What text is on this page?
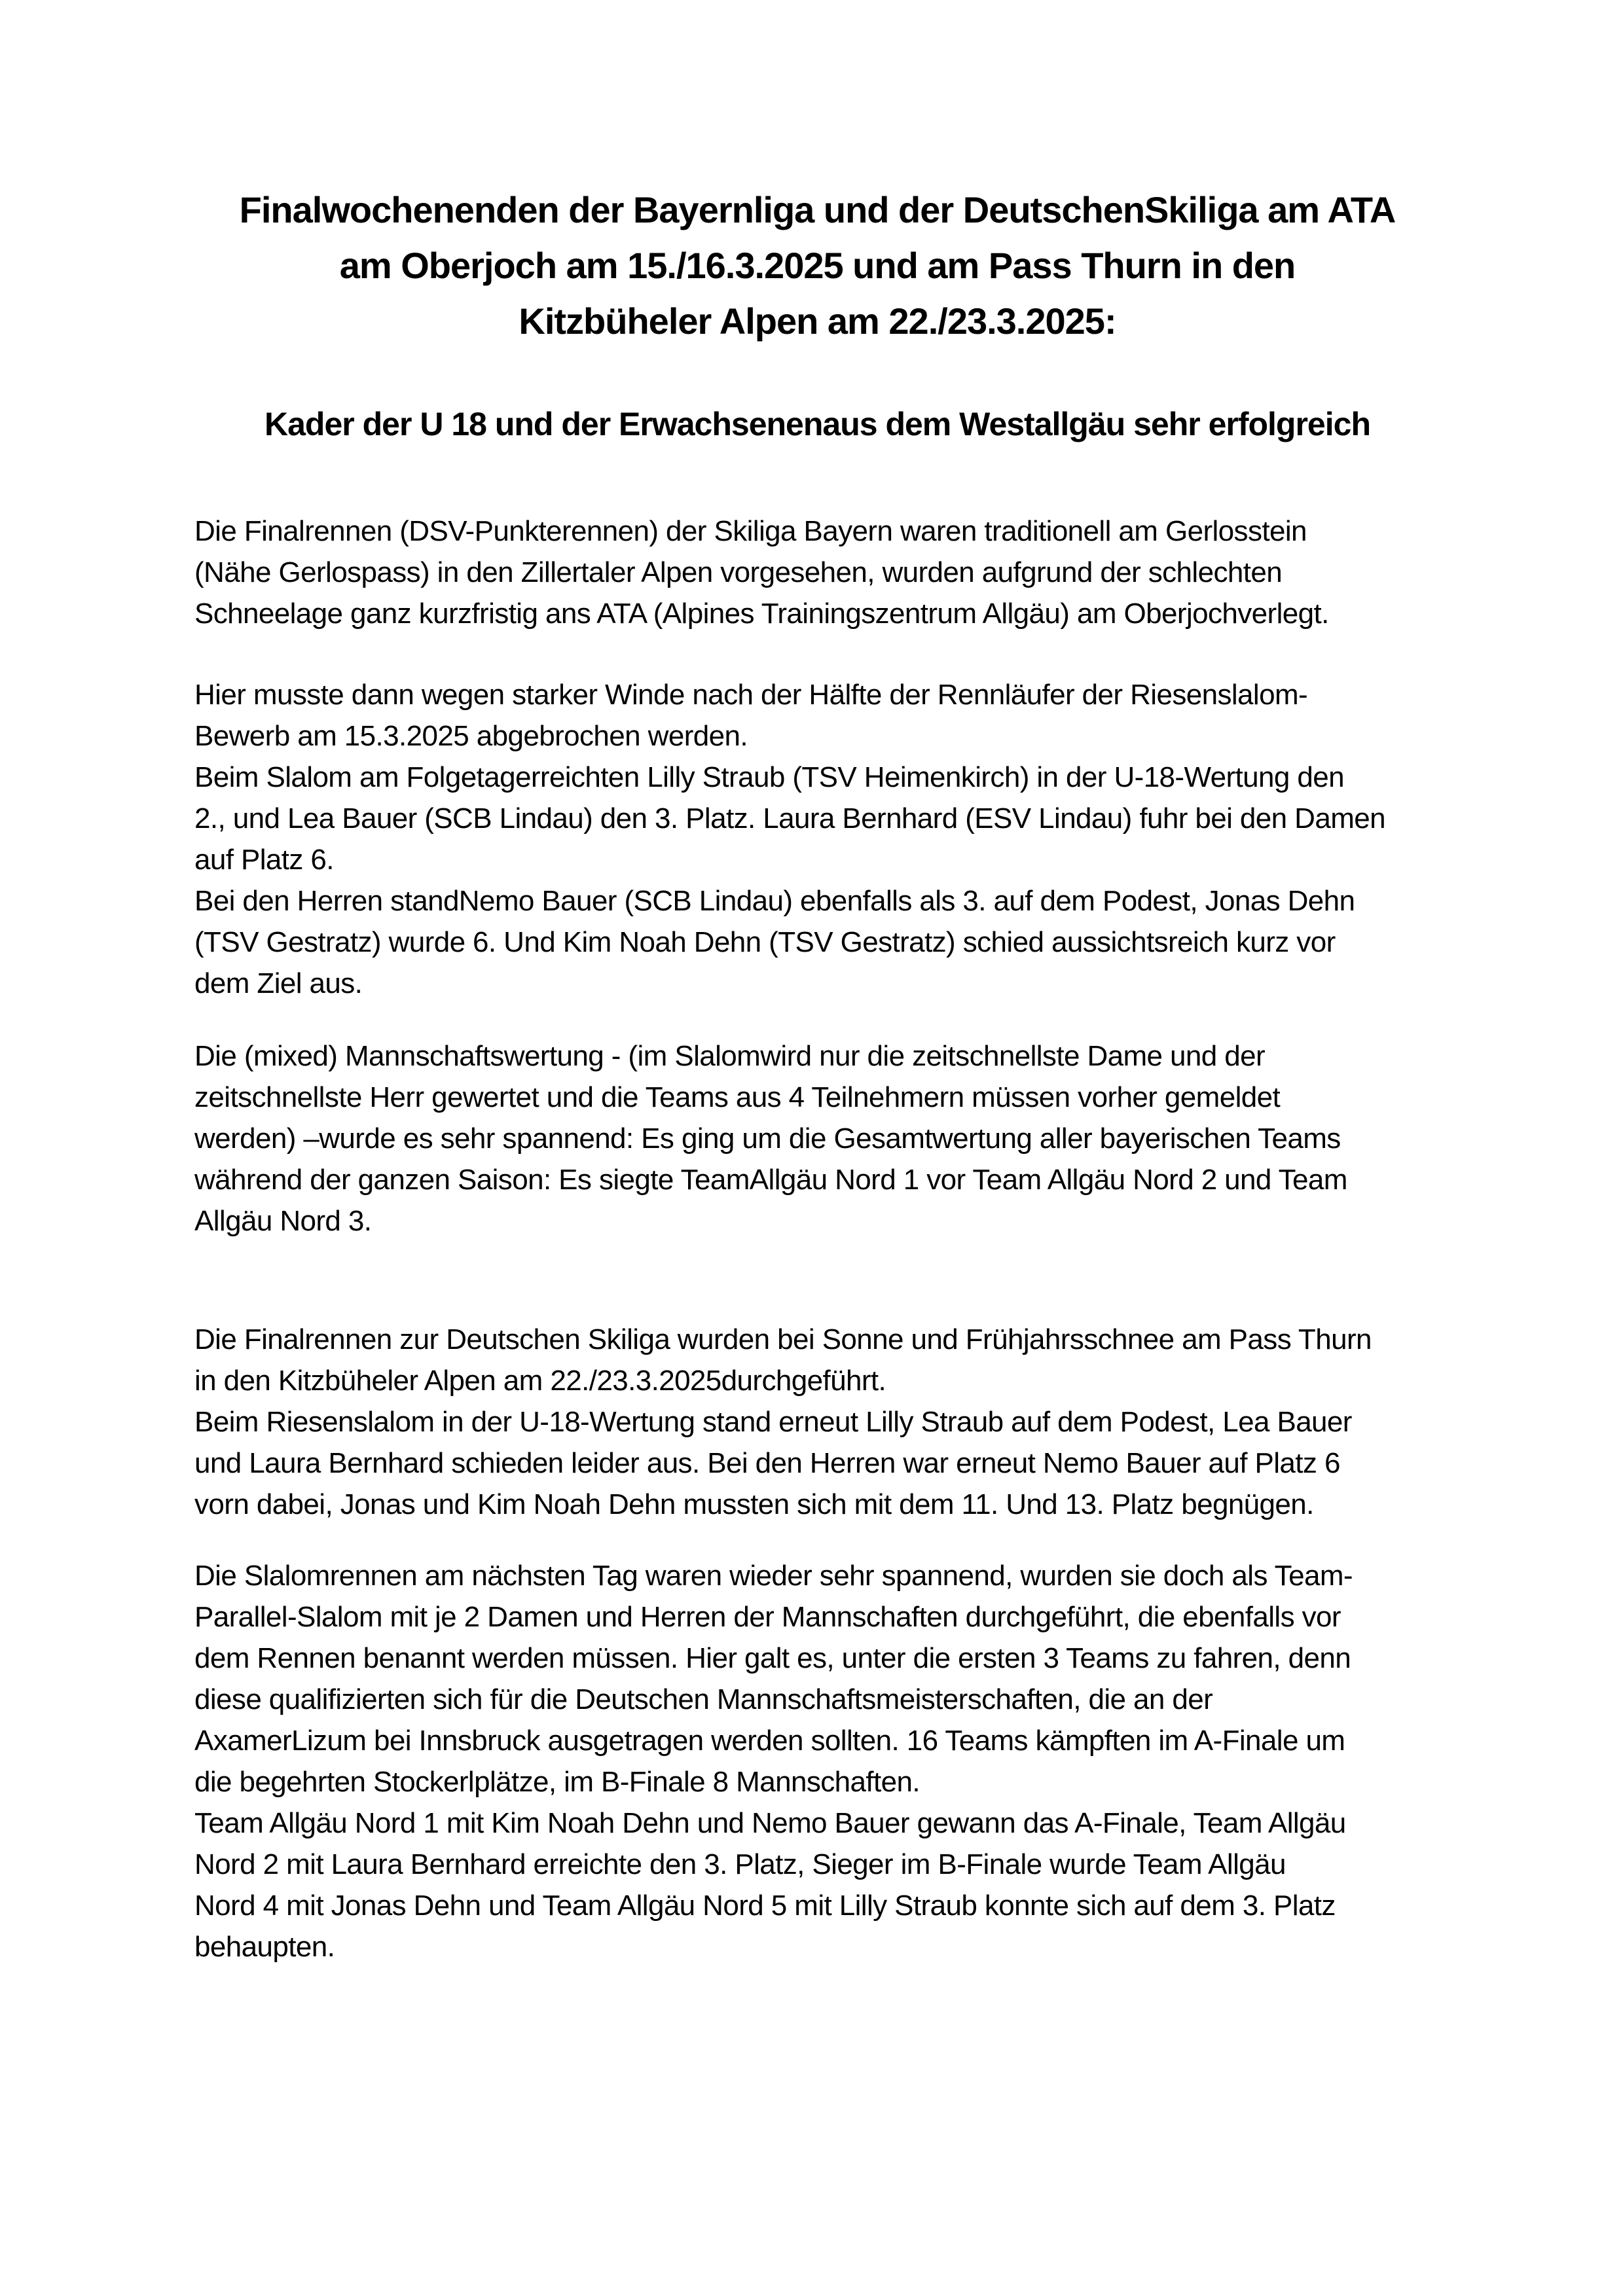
Finalwochenenden der Bayernliga und der DeutschenSkiliga am ATA
am Oberjoch am 15./16.3.2025 und am Pass Thurn in den
Kitzbüheler Alpen am 22./23.3.2025:
Kader der U 18 und der Erwachsenenaus dem Westallgäu sehr erfolgreich
Die Finalrennen (DSV-Punkterennen) der Skiliga Bayern waren traditionell am Gerlosstein
(Nähe Gerlospass) in den Zillertaler Alpen vorgesehen, wurden aufgrund der schlechten
Schneelage ganz kurzfristig ans ATA (Alpines Trainingszentrum Allgäu) am Oberjochverlegt.
Hier musste dann wegen starker Winde nach der Hälfte der Rennläufer der Riesenslalom-
Bewerb am 15.3.2025 abgebrochen werden.
Beim Slalom am Folgetagerreichten Lilly Straub (TSV Heimenkirch) in der U-18-Wertung den
2., und Lea Bauer (SCB Lindau) den 3. Platz. Laura Bernhard (ESV Lindau) fuhr bei den Damen
auf Platz 6.
Bei den Herren standNemo Bauer (SCB Lindau) ebenfalls als 3. auf dem Podest, Jonas Dehn
(TSV Gestratz) wurde 6. Und Kim Noah Dehn (TSV Gestratz) schied aussichtsreich kurz vor
dem Ziel aus.
Die (mixed) Mannschaftswertung - (im Slalomwird nur die zeitschnellste Dame und der
zeitschnellste Herr gewertet und die Teams aus 4 Teilnehmern müssen vorher gemeldet
werden) –wurde es sehr spannend: Es ging um die Gesamtwertung aller bayerischen Teams
während der ganzen Saison: Es siegte TeamAllgäu Nord 1 vor Team Allgäu Nord 2 und Team
Allgäu Nord 3.
Die Finalrennen zur Deutschen Skiliga wurden bei Sonne und Frühjahrsschnee am Pass Thurn
in den Kitzbüheler Alpen am 22./23.3.2025durchgeführt.
Beim Riesenslalom in der U-18-Wertung stand erneut Lilly Straub auf dem Podest, Lea Bauer
und Laura Bernhard schieden leider aus. Bei den Herren war erneut Nemo Bauer auf Platz 6
vorn dabei, Jonas und Kim Noah Dehn mussten sich mit dem 11. Und 13. Platz begnügen.
Die Slalomrennen am nächsten Tag waren wieder sehr spannend, wurden sie doch als Team-
Parallel-Slalom mit je 2 Damen und Herren der Mannschaften durchgeführt, die ebenfalls vor
dem Rennen benannt werden müssen. Hier galt es, unter die ersten 3 Teams zu fahren, denn
diese qualifizierten sich für die Deutschen Mannschaftsmeisterschaften, die an der
AxamerLizum bei Innsbruck ausgetragen werden sollten. 16 Teams kämpften im A-Finale um
die begehrten Stockerlplätze, im B-Finale 8 Mannschaften.
Team Allgäu Nord 1 mit Kim Noah Dehn und Nemo Bauer gewann das A-Finale, Team Allgäu
Nord 2 mit Laura Bernhard erreichte den 3. Platz, Sieger im B-Finale wurde Team Allgäu
Nord 4 mit Jonas Dehn und Team Allgäu Nord 5 mit Lilly Straub konnte sich auf dem 3. Platz
behaupten.
